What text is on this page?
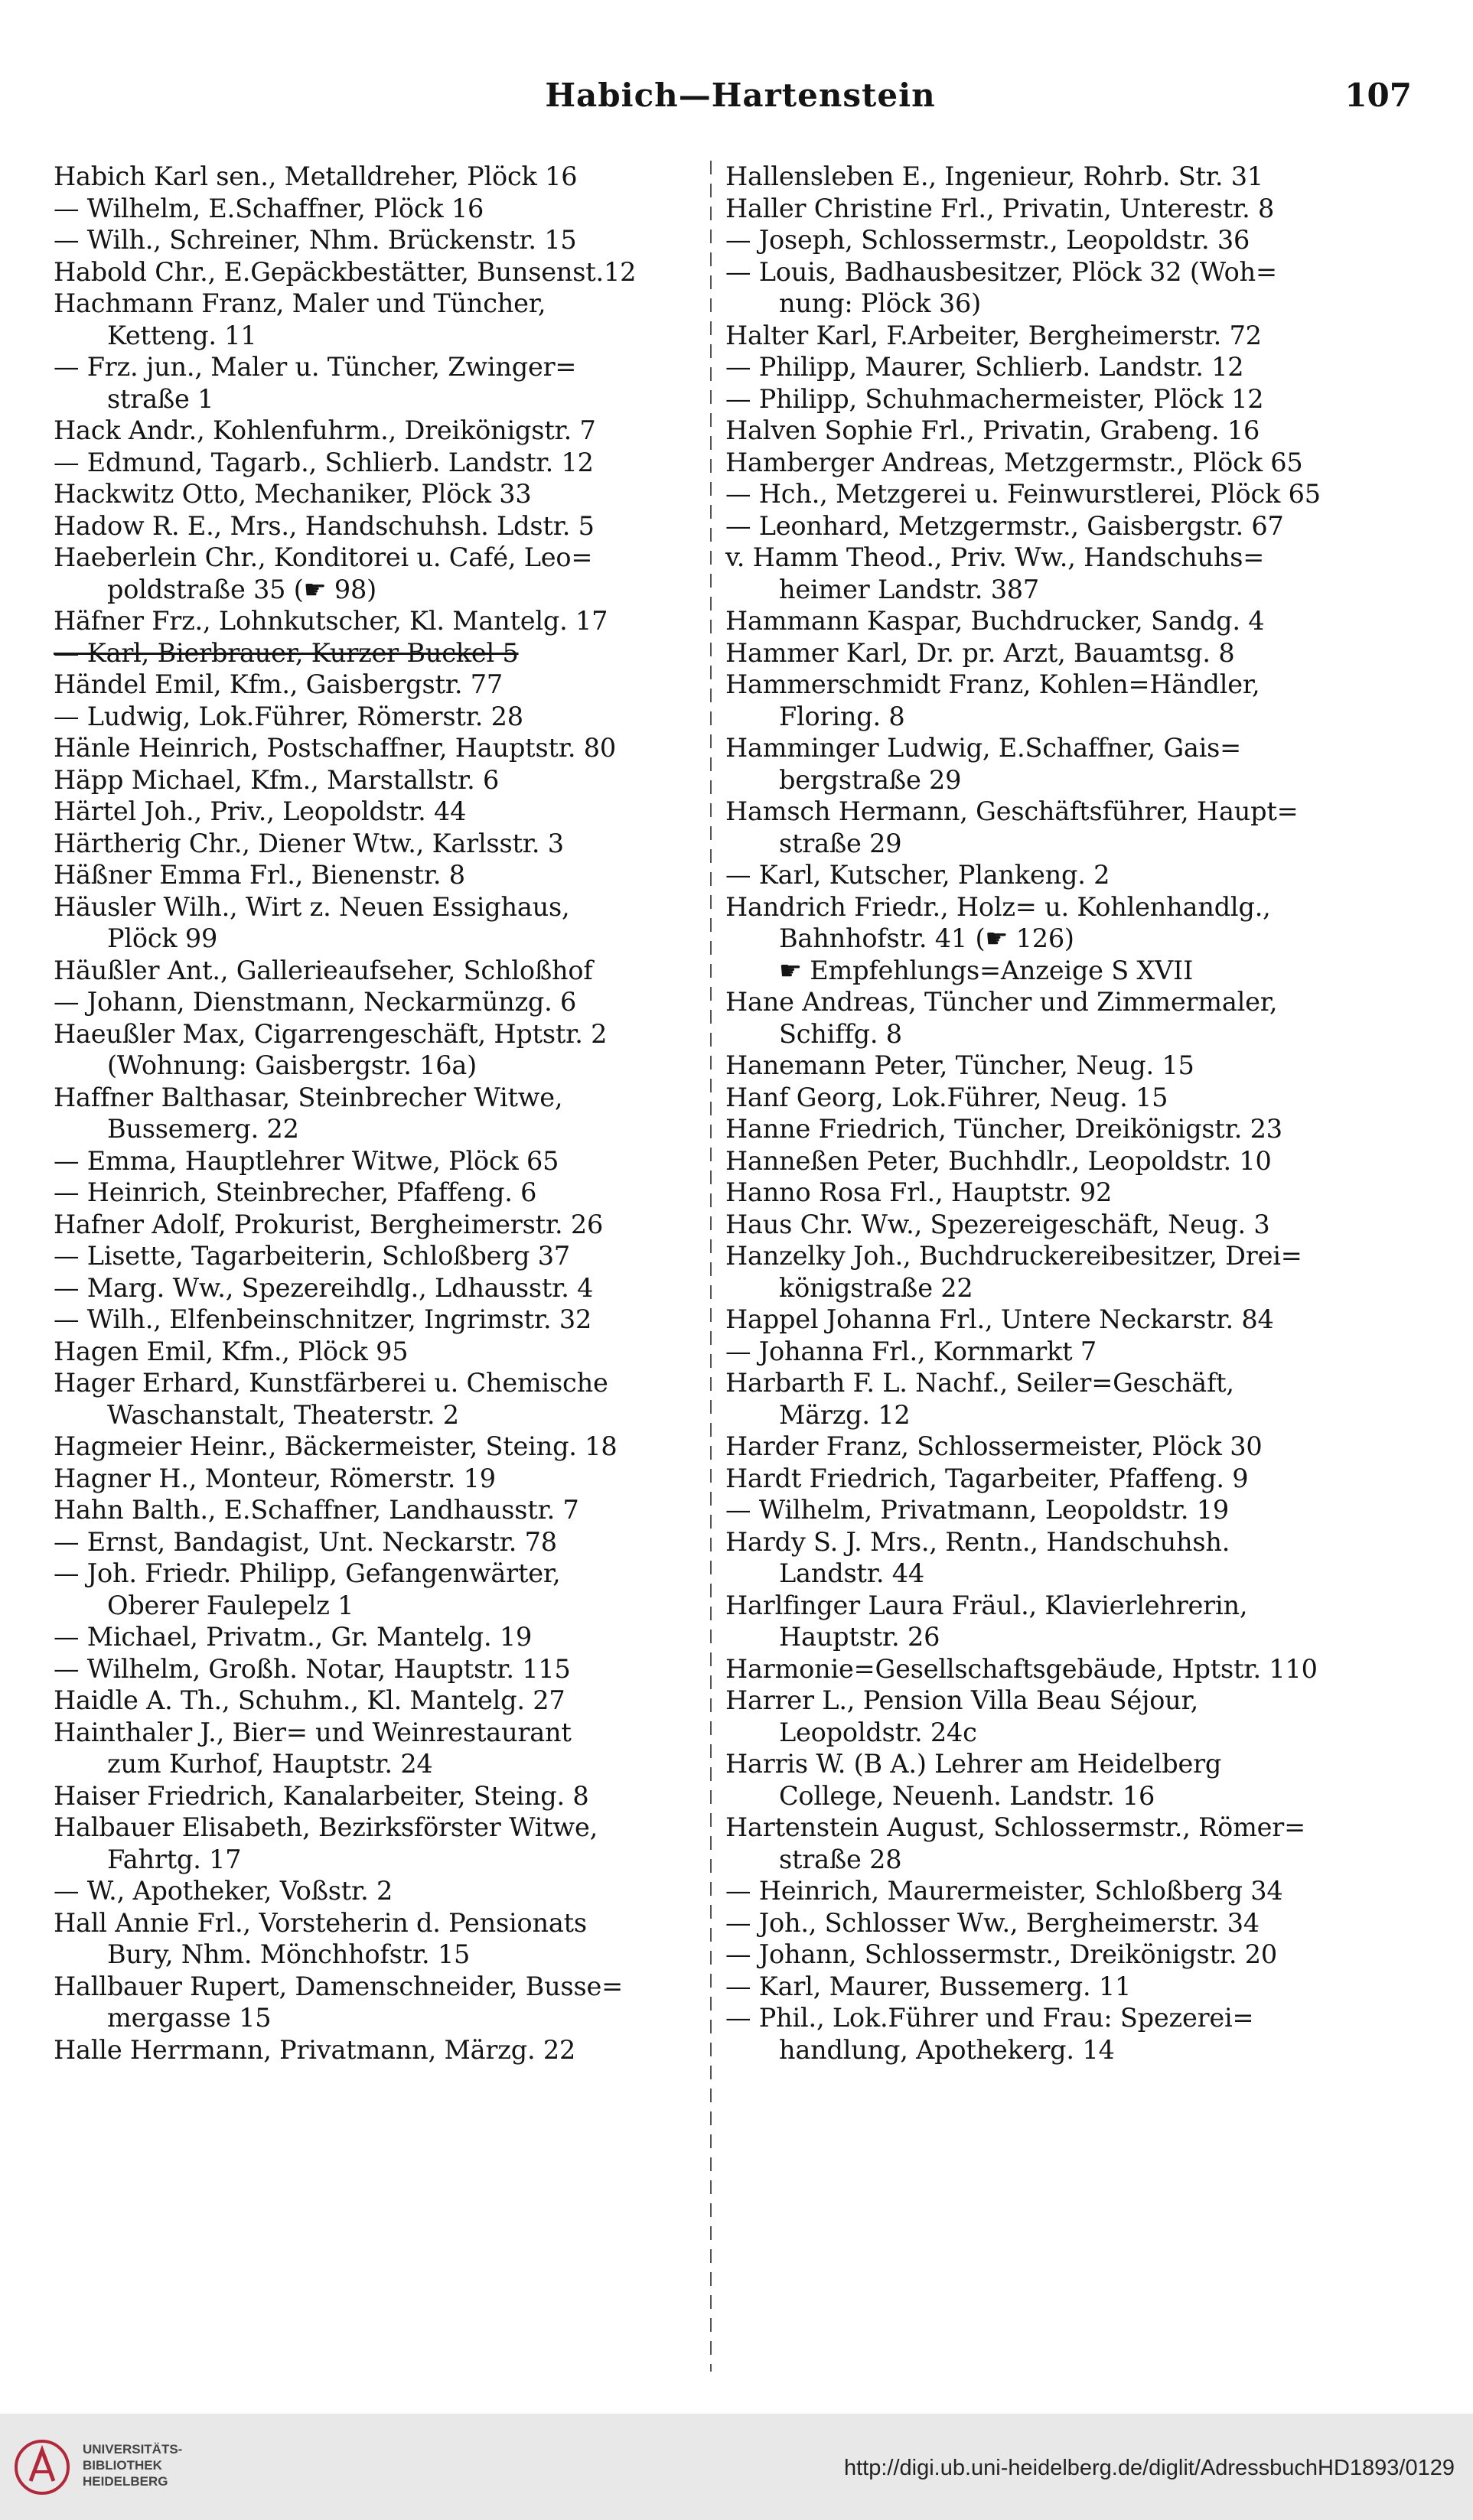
Habich—Hartenstein	107
Habich Karl sen., Metalldreher, Plöck 16
— Wilhelm, E.Schaffner, Plöck 16
— Wilh., Schreiner, Nhm. Brückenstr. 15
Habold Chr., E.Gepäckbestätter, Bunsenst.12
Hachmann Franz, Maler und Tüncher,
Ketteng. 11
— Frz. jun., Maler u. Tüncher, Zwinger=
straße 1
Hack Andr., Kohlenfuhrm., Dreikönigstr. 7
— Edmund, Tagarb., Schlierb. Landstr. 12
Hackwitz Otto, Mechaniker, Plöck 33
Hadow R. E., Mrs., Handschuhsh. Ldstr. 5
Haeberlein Chr., Konditorei u. Café, Leo=
poldstraße 35 (☛ 98)
Häfner Frz., Lohnkutscher, Kl. Mantelg. 17
— Karl, Bierbrauer, Kurzer Buckel 5
Händel Emil, Kfm., Gaisbergstr. 77
— Ludwig, Lok.Führer, Römerstr. 28
Hänle Heinrich, Postschaffner, Hauptstr. 80
Häpp Michael, Kfm., Marstallstr. 6
Härtel Joh., Priv., Leopoldstr. 44
Härtherig Chr., Diener Wtw., Karlsstr. 3
Häßner Emma Frl., Bienenstr. 8
Häusler Wilh., Wirt z. Neuen Essighaus,
Plöck 99
Häußler Ant., Gallerieaufseher, Schloßhof
— Johann, Dienstmann, Neckarmünzg. 6
Haeußler Max, Cigarrengeschäft, Hptstr. 2
(Wohnung: Gaisbergstr. 16a)
Haffner Balthasar, Steinbrecher Witwe,
Bussemerg. 22
— Emma, Hauptlehrer Witwe, Plöck 65
— Heinrich, Steinbrecher, Pfaffeng. 6
Hafner Adolf, Prokurist, Bergheimerstr. 26
— Lisette, Tagarbeiterin, Schloßberg 37
— Marg. Ww., Spezereihdlg., Ldhausstr. 4
— Wilh., Elfenbeinschnitzer, Ingrimstr. 32
Hagen Emil, Kfm., Plöck 95
Hager Erhard, Kunstfärberei u. Chemische
Waschanstalt, Theaterstr. 2
Hagmeier Heinr., Bäckermeister, Steing. 18
Hagner H., Monteur, Römerstr. 19
Hahn Balth., E.Schaffner, Landhausstr. 7
— Ernst, Bandagist, Unt. Neckarstr. 78
— Joh. Friedr. Philipp, Gefangenwärter,
Oberer Faulepelz 1
— Michael, Privatm., Gr. Mantelg. 19
— Wilhelm, Großh. Notar, Hauptstr. 115
Haidle A. Th., Schuhm., Kl. Mantelg. 27
Hainthaler J., Bier= und Weinrestaurant
zum Kurhof, Hauptstr. 24
Haiser Friedrich, Kanalarbeiter, Steing. 8
Halbauer Elisabeth, Bezirksförster Witwe,
Fahrtg. 17
— W., Apotheker, Voßstr. 2
Hall Annie Frl., Vorsteherin d. Pensionats
Bury, Nhm. Mönchhofstr. 15
Hallbauer Rupert, Damenschneider, Busse=
mergasse 15
Halle Herrmann, Privatmann, Märzg. 22
Hallensleben E., Ingenieur, Rohrb. Str. 31
Haller Christine Frl., Privatin, Unterestr. 8
— Joseph, Schlossermstr., Leopoldstr. 36
— Louis, Badhausbesitzer, Plöck 32 (Woh=
nung: Plöck 36)
Halter Karl, F.Arbeiter, Bergheimerstr. 72
— Philipp, Maurer, Schlierb. Landstr. 12
— Philipp, Schuhmachermeister, Plöck 12
Halven Sophie Frl., Privatin, Grabeng. 16
Hamberger Andreas, Metzgermstr., Plöck 65
— Hch., Metzgerei u. Feinwurstlerei, Plöck 65
— Leonhard, Metzgermstr., Gaisbergstr. 67
v. Hamm Theod., Priv. Ww., Handschuhs=
heimer Landstr. 387
Hammann Kaspar, Buchdrucker, Sandg. 4
Hammer Karl, Dr. pr. Arzt, Bauamtsg. 8
Hammerschmidt Franz, Kohlen=Händler,
Floring. 8
Hamminger Ludwig, E.Schaffner, Gais=
bergstraße 29
Hamsch Hermann, Geschäftsführer, Haupt=
straße 29
— Karl, Kutscher, Plankeng. 2
Handrich Friedr., Holz= u. Kohlenhandlg.,
Bahnhofstr. 41 (☛ 126)
☛ Empfehlungs=Anzeige S XVII
Hane Andreas, Tüncher und Zimmermaler,
Schiffg. 8
Hanemann Peter, Tüncher, Neug. 15
Hanf Georg, Lok.Führer, Neug. 15
Hanne Friedrich, Tüncher, Dreikönigstr. 23
Hanneßen Peter, Buchhdlr., Leopoldstr. 10
Hanno Rosa Frl., Hauptstr. 92
Haus Chr. Ww., Spezereigeschäft, Neug. 3
Hanzelky Joh., Buchdruckereibesitzer, Drei=
königstraße 22
Happel Johanna Frl., Untere Neckarstr. 84
— Johanna Frl., Kornmarkt 7
Harbarth F. L. Nachf., Seiler=Geschäft,
Märzg. 12
Harder Franz, Schlossermeister, Plöck 30
Hardt Friedrich, Tagarbeiter, Pfaffeng. 9
— Wilhelm, Privatmann, Leopoldstr. 19
Hardy S. J. Mrs., Rentn., Handschuhsh.
Landstr. 44
Harlfinger Laura Fräul., Klavierlehrerin,
Hauptstr. 26
Harmonie=Gesellschaftsgebäude, Hptstr. 110
Harrer L., Pension Villa Beau Séjour,
Leopoldstr. 24c
Harris W. (B A.) Lehrer am Heidelberg
College, Neuenh. Landstr. 16
Hartenstein August, Schlossermstr., Römer=
straße 28
— Heinrich, Maurermeister, Schloßberg 34
— Joh., Schlosser Ww., Bergheimerstr. 34
— Johann, Schlossermstr., Dreikönigstr. 20
— Karl, Maurer, Bussemerg. 11
— Phil., Lok.Führer und Frau: Spezerei=
handlung, Apothekerg. 14
UNIVERSITÄTS-
BIBLIOTHEK
HEIDELBERG
http://digi.ub.uni-heidelberg.de/diglit/AdressbuchHD1893/0129
